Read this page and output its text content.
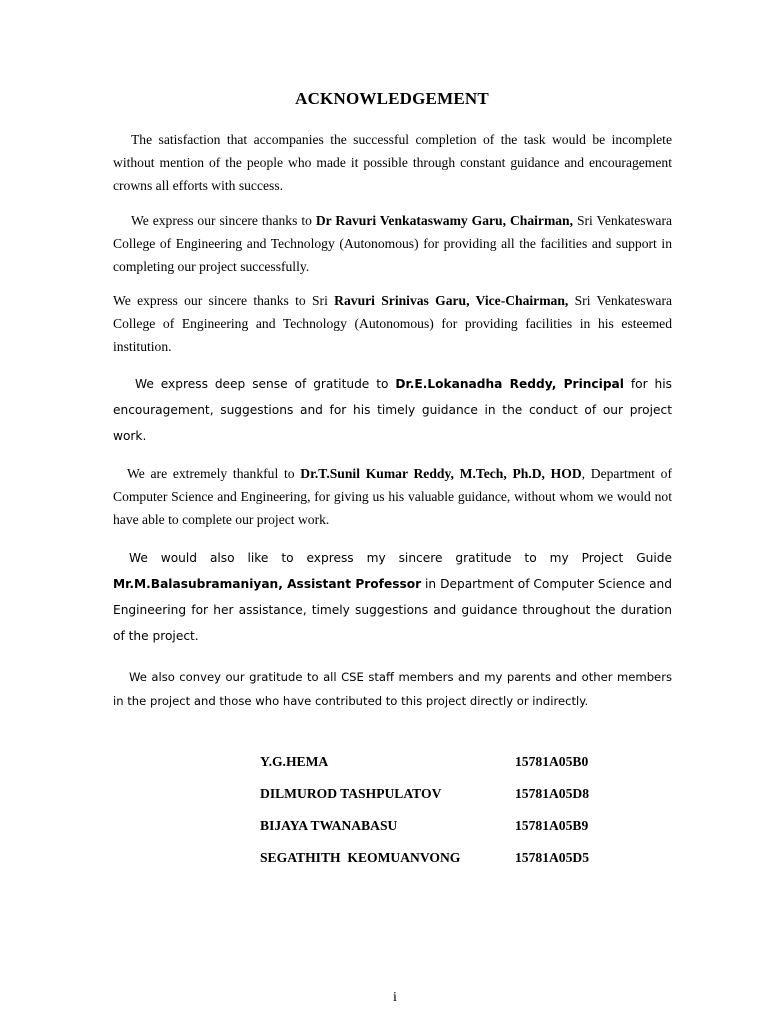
ACKNOWLEDGEMENT

The satisfaction that accompanies the successful completion of the task would be incomplete without mention of the people who made it possible through constant guidance and encouragement crowns all efforts with success.

We express our sincere thanks to Dr Ravuri Venkataswamy Garu, Chairman, Sri Venkateswara College of Engineering and Technology (Autonomous) for providing all the facilities and support in completing our project successfully.

We express our sincere thanks to Sri Ravuri Srinivas Garu, Vice-Chairman, Sri Venkateswara College of Engineering and Technology (Autonomous) for providing facilities in his esteemed institution.

We express deep sense of gratitude to Dr.E.Lokanadha Reddy, Principal for his encouragement, suggestions and for his timely guidance in the conduct of our project work.

We are extremely thankful to Dr.T.Sunil Kumar Reddy, M.Tech, Ph.D, HOD, Department of Computer Science and Engineering, for giving us his valuable guidance, without whom we would not have able to complete our project work.

We would also like to express my sincere gratitude to my Project Guide Mr.M.Balasubramaniyan, Assistant Professor in Department of Computer Science and Engineering for her assistance, timely suggestions and guidance throughout the duration of the project.

We also convey our gratitude to all CSE staff members and my parents and other members in the project and those who have contributed to this project directly or indirectly.

Y.G.HEMA	15781A05B0
DILMUROD TASHPULATOV	15781A05D8
BIJAYA TWANABASU	15781A05B9
SEGATHITH  KEOMUANVONG	15781A05D5
i
